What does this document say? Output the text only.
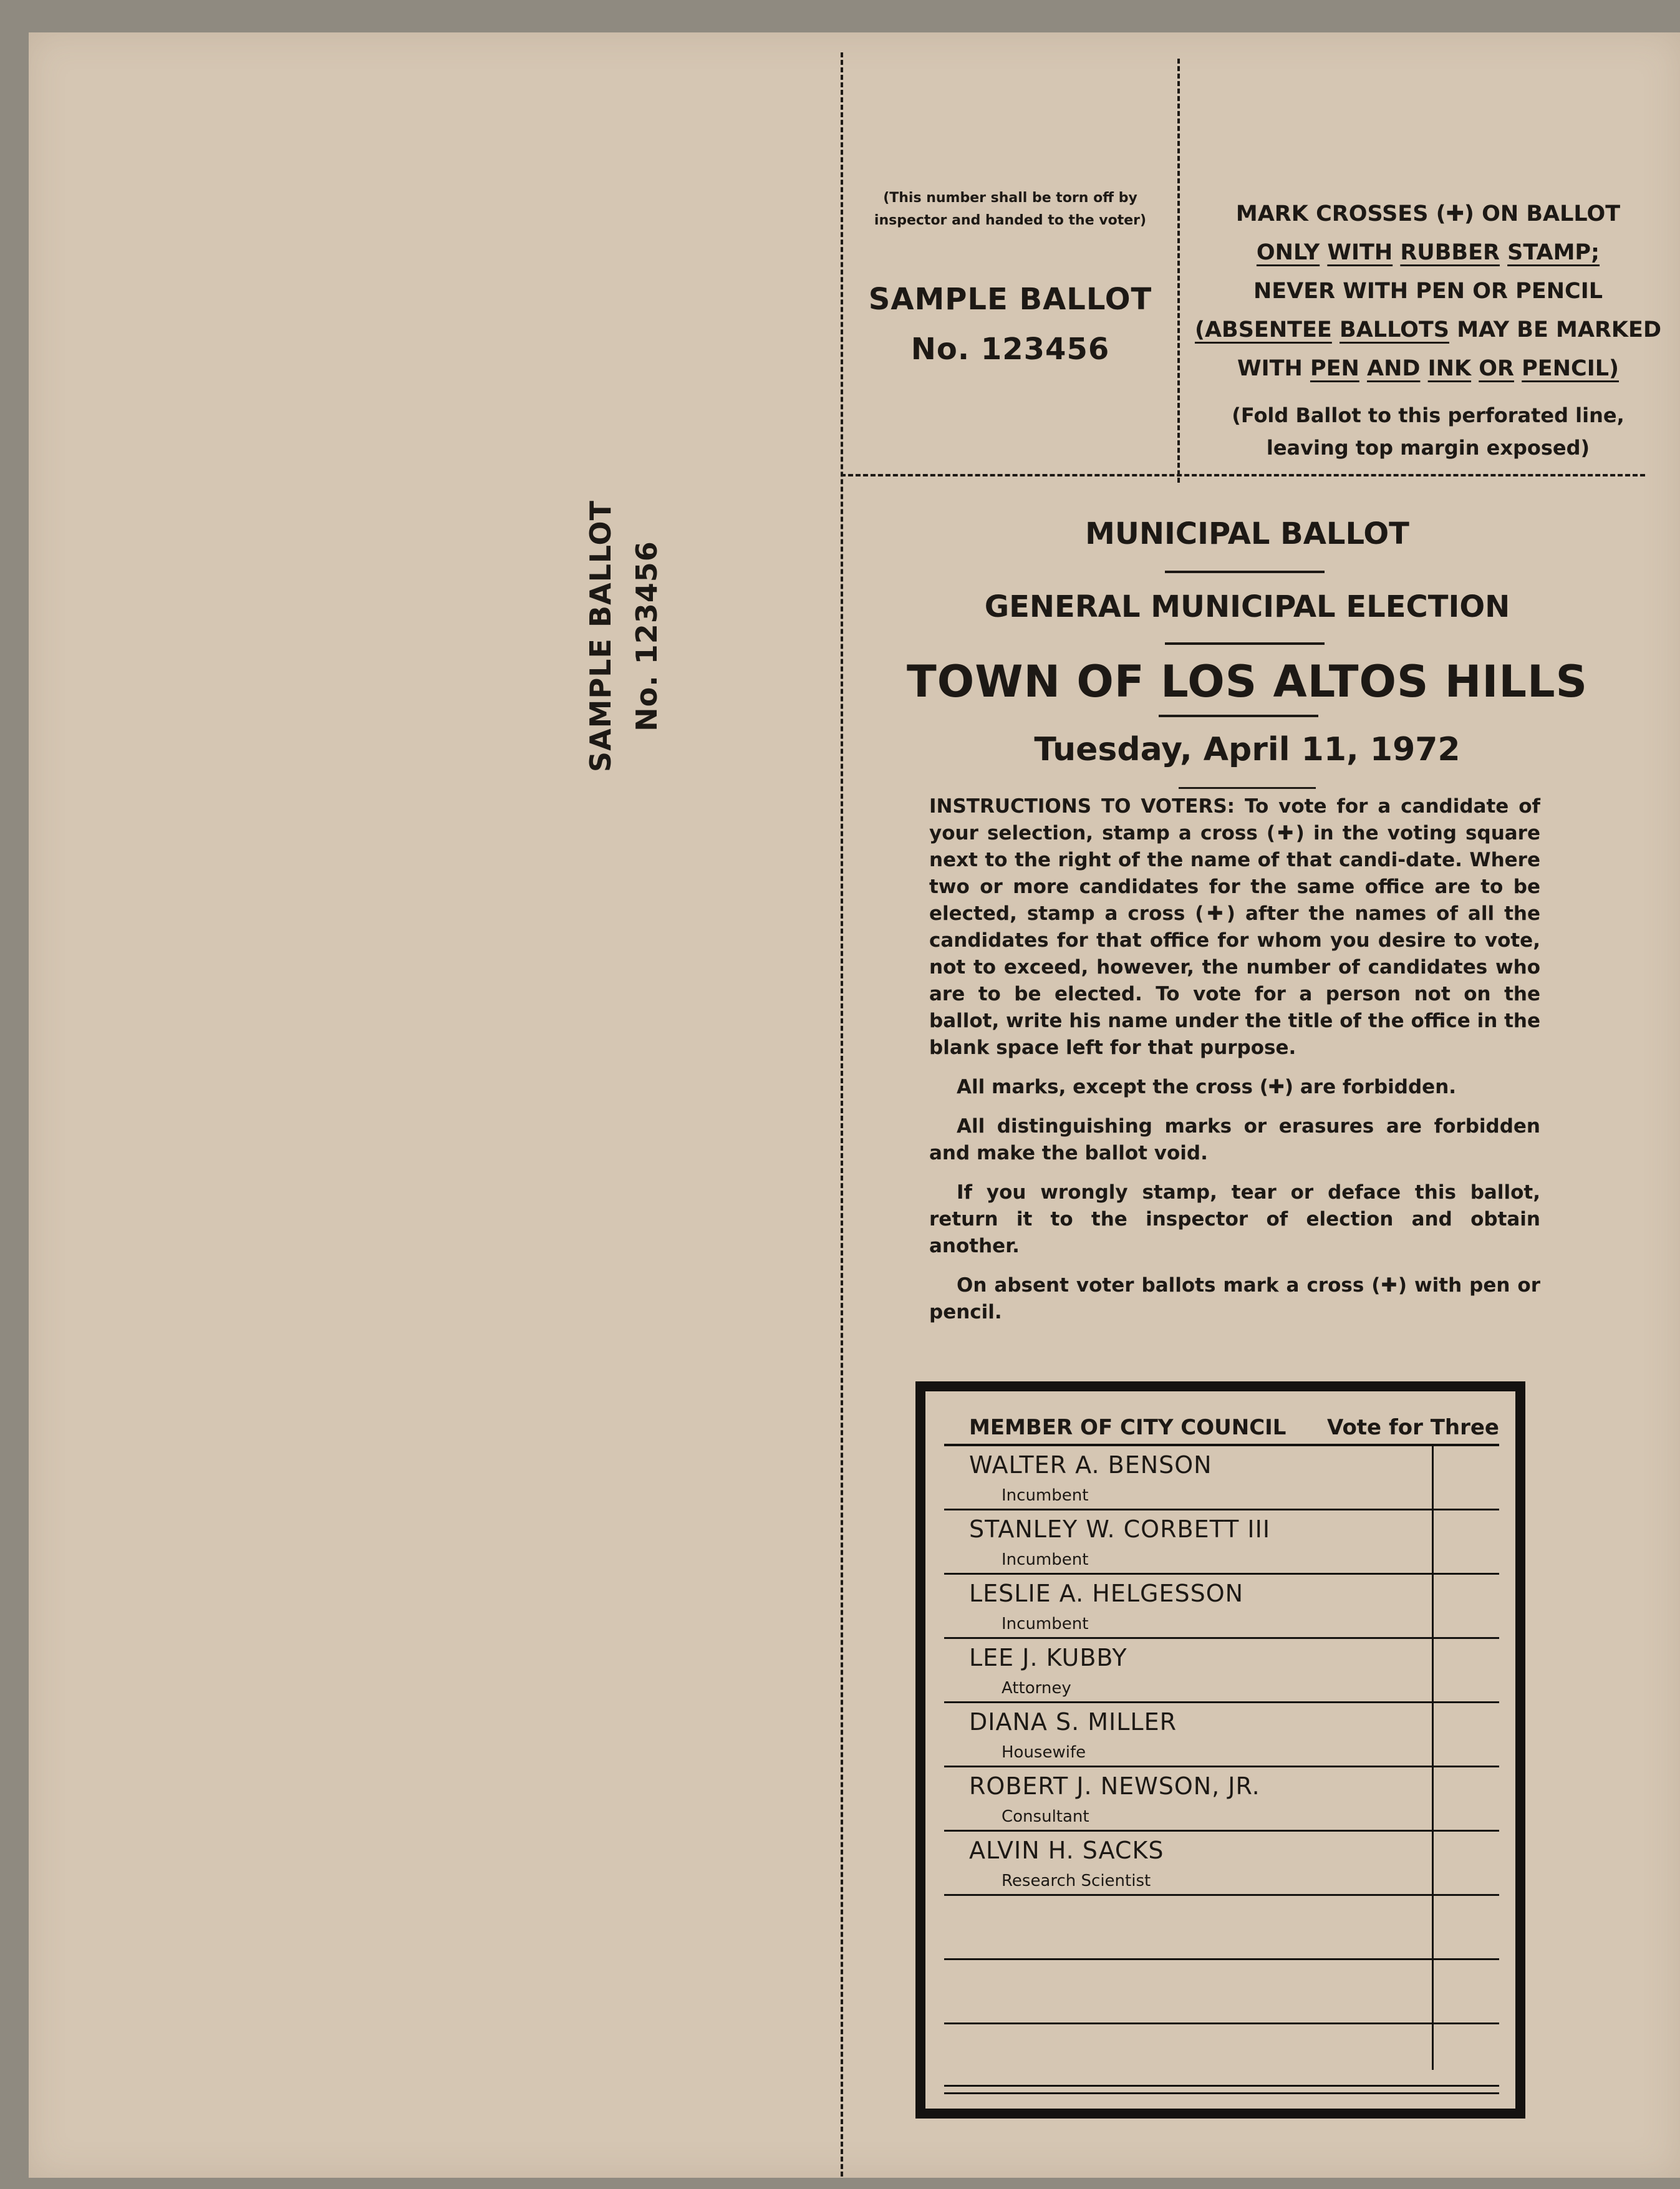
(This number shall be torn off by
inspector and handed to the voter)
SAMPLE BALLOT
No. 123456
MARK CROSSES (✚) ON BALLOT
ONLY WITH RUBBER STAMP;
NEVER WITH PEN OR PENCIL
(ABSENTEE BALLOTS MAY BE MARKED
WITH PEN AND INK OR PENCIL)
(Fold Ballot to this perforated line,
leaving top margin exposed)
SAMPLE BALLOT No. 123456
MUNICIPAL BALLOT
GENERAL MUNICIPAL ELECTION
TOWN OF LOS ALTOS HILLS
Tuesday, April 11, 1972

INSTRUCTIONS TO VOTERS: To vote for a candidate of your selection, stamp a cross (✚) in the voting square next to the right of the name of that candi-date. Where two or more candidates for the same office are to be elected, stamp a cross (✚) after the names of all the candidates for that office for whom you desire to vote, not to exceed, however, the number of candidates who are to be elected. To vote for a person not on the ballot, write his name under the title of the office in the blank space left for that purpose.

All marks, except the cross (✚) are forbidden.

All distinguishing marks or erasures are forbidden and make the ballot void.

If you wrongly stamp, tear or deface this ballot, return it to the inspector of election and obtain another.

On absent voter ballots mark a cross (✚) with pen or pencil.

MEMBER OF CITY COUNCIL Vote for Three
WALTER A. BENSON
Incumbent
STANLEY W. CORBETT III
Incumbent
LESLIE A. HELGESSON
Incumbent
LEE J. KUBBY
Attorney
DIANA S. MILLER
Housewife
ROBERT J. NEWSON, JR.
Consultant
ALVIN H. SACKS
Research Scientist
